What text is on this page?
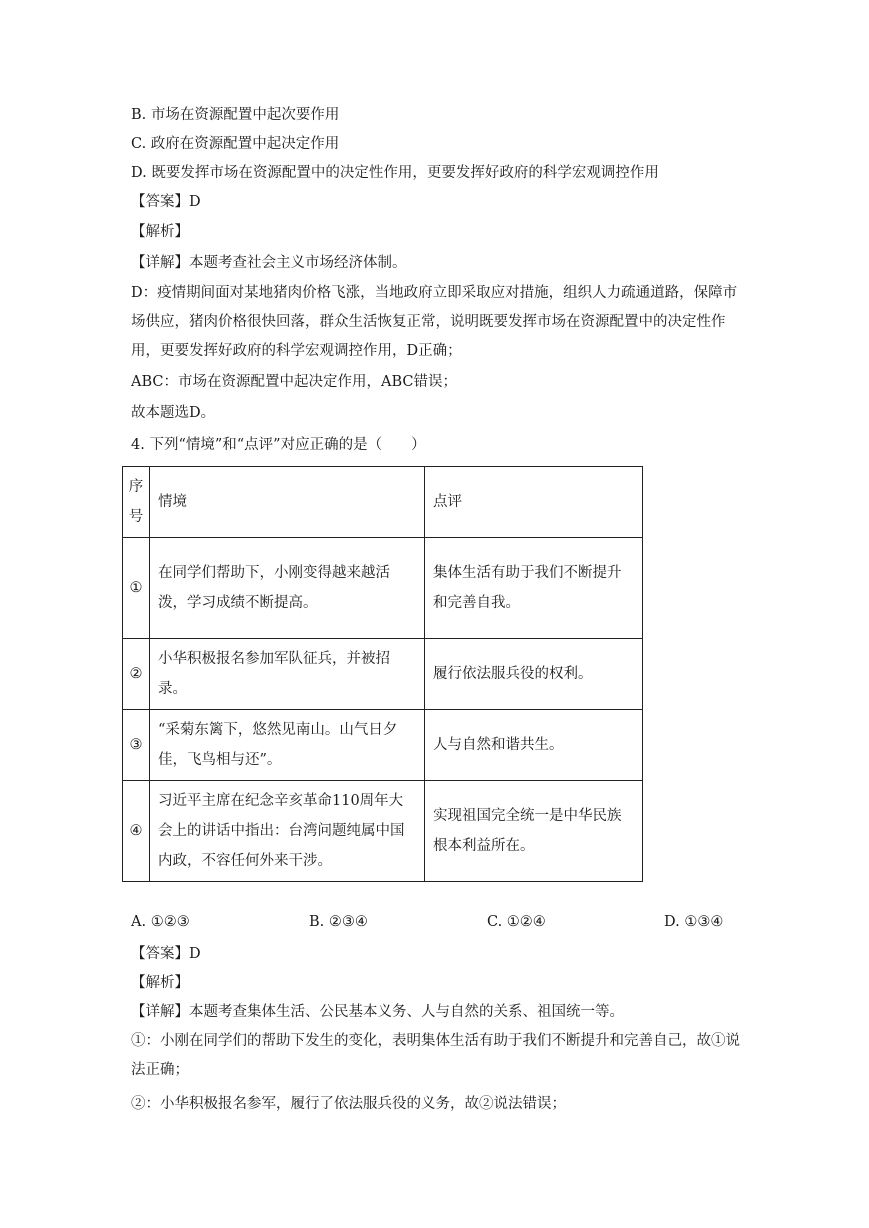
B. 市场在资源配置中起次要作用
C. 政府在资源配置中起决定作用
D. 既要发挥市场在资源配置中的决定性作用，更要发挥好政府的科学宏观调控作用
【答案】D
【解析】
【详解】本题考查社会主义市场经济体制。
D：疫情期间面对某地猪肉价格飞涨，当地政府立即采取应对措施，组织人力疏通道路，保障市场供应，猪肉价格很快回落，群众生活恢复正常，说明既要发挥市场在资源配置中的决定性作用，更要发挥好政府的科学宏观调控作用，D正确；
ABC：市场在资源配置中起决定作用，ABC错误；
故本题选D。
4. 下列“情境”和“点评”对应正确的是（　　）
序号	情境	点评
①	在同学们帮助下，小刚变得越来越活泼，学习成绩不断提高。	集体生活有助于我们不断提升和完善自我。
②	小华积极报名参加军队征兵，并被招录。	履行依法服兵役的权利。
③	“采菊东篱下，悠然见南山。山气日夕佳，飞鸟相与还”。	人与自然和谐共生。
④	习近平主席在纪念辛亥革命110周年大会上的讲话中指出：台湾问题纯属中国内政，不容任何外来干涉。	实现祖国完全统一是中华民族根本利益所在。
A. ①②③	B. ②③④	C. ①②④	D. ①③④
【答案】D
【解析】
【详解】本题考查集体生活、公民基本义务、人与自然的关系、祖国统一等。
①：小刚在同学们的帮助下发生的变化，表明集体生活有助于我们不断提升和完善自己，故①说法正确；
②：小华积极报名参军，履行了依法服兵役的义务，故②说法错误；
